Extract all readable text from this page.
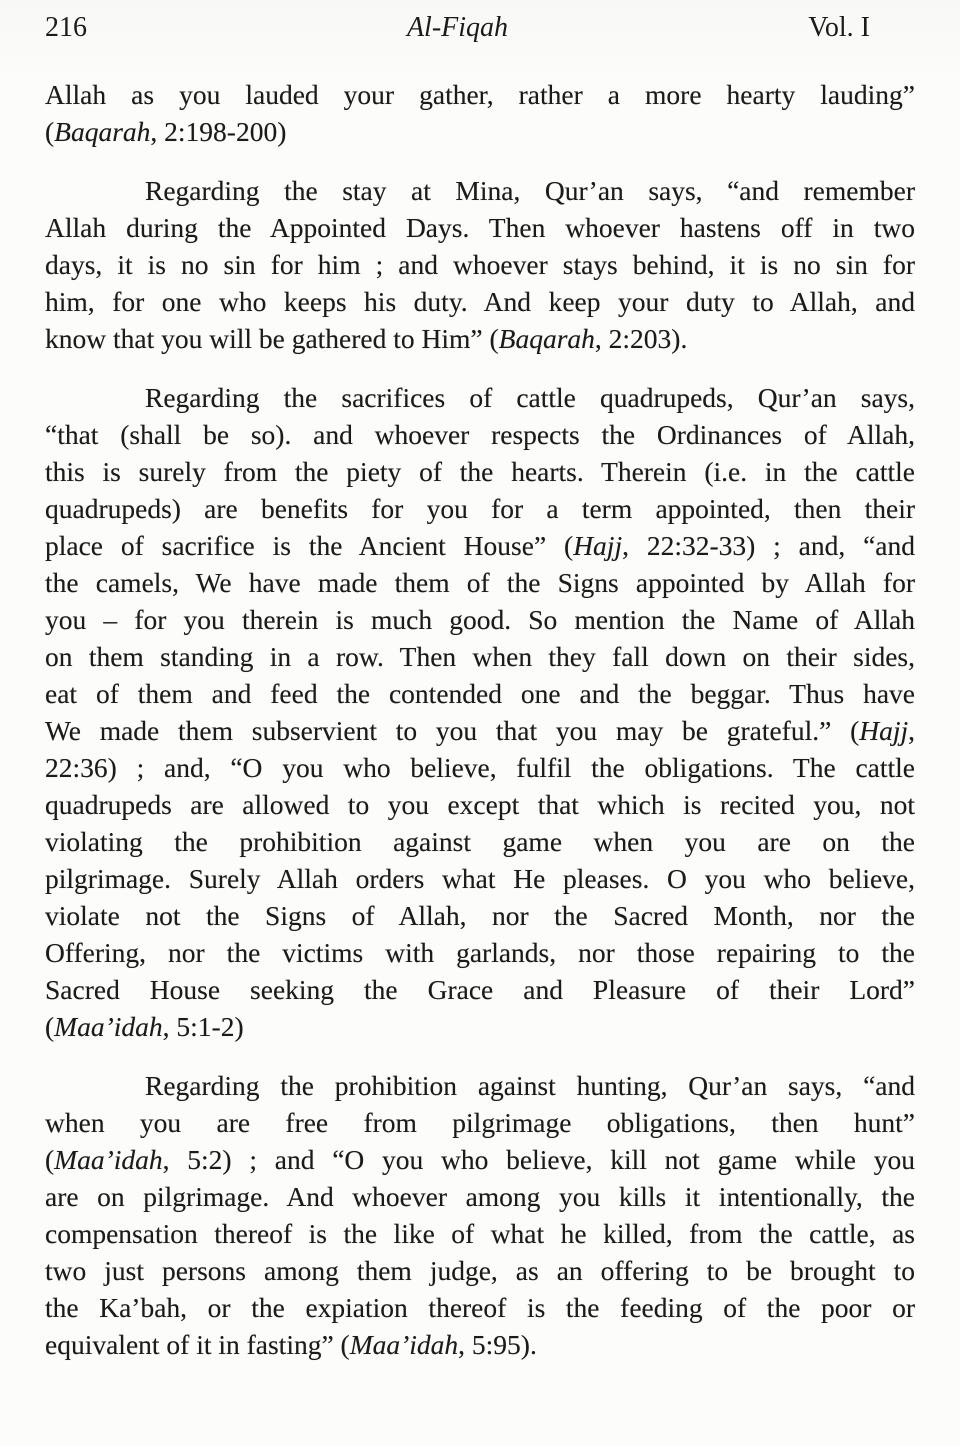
216	Al-Fiqah	Vol. I
Allah as you lauded your gather, rather a more hearty lauding”
(Baqarah, 2:198-200)
Regarding the stay at Mina, Qur’an says, “and remember
Allah during the Appointed Days. Then whoever hastens off in two
days, it is no sin for him ; and whoever stays behind, it is no sin for
him, for one who keeps his duty. And keep your duty to Allah, and
know that you will be gathered to Him” (Baqarah, 2:203).
Regarding the sacrifices of cattle quadrupeds, Qur’an says,
“that (shall be so). and whoever respects the Ordinances of Allah,
this is surely from the piety of the hearts. Therein (i.e. in the cattle
quadrupeds) are benefits for you for a term appointed, then their
place of sacrifice is the Ancient House” (Hajj, 22:32-33) ; and, “and
the camels, We have made them of the Signs appointed by Allah for
you – for you therein is much good. So mention the Name of Allah
on them standing in a row. Then when they fall down on their sides,
eat of them and feed the contended one and the beggar. Thus have
We made them subservient to you that you may be grateful.” (Hajj,
22:36) ; and, “O you who believe, fulfil the obligations. The cattle
quadrupeds are allowed to you except that which is recited you, not
violating the prohibition against game when you are on the
pilgrimage. Surely Allah orders what He pleases. O you who believe,
violate not the Signs of Allah, nor the Sacred Month, nor the
Offering, nor the victims with garlands, nor those repairing to the
Sacred House seeking the Grace and Pleasure of their Lord”
(Maa’idah, 5:1-2)
Regarding the prohibition against hunting, Qur’an says, “and
when you are free from pilgrimage obligations, then hunt”
(Maa’idah, 5:2) ; and “O you who believe, kill not game while you
are on pilgrimage. And whoever among you kills it intentionally, the
compensation thereof is the like of what he killed, from the cattle, as
two just persons among them judge, as an offering to be brought to
the Ka’bah, or the expiation thereof is the feeding of the poor or
equivalent of it in fasting” (Maa’idah, 5:95).
